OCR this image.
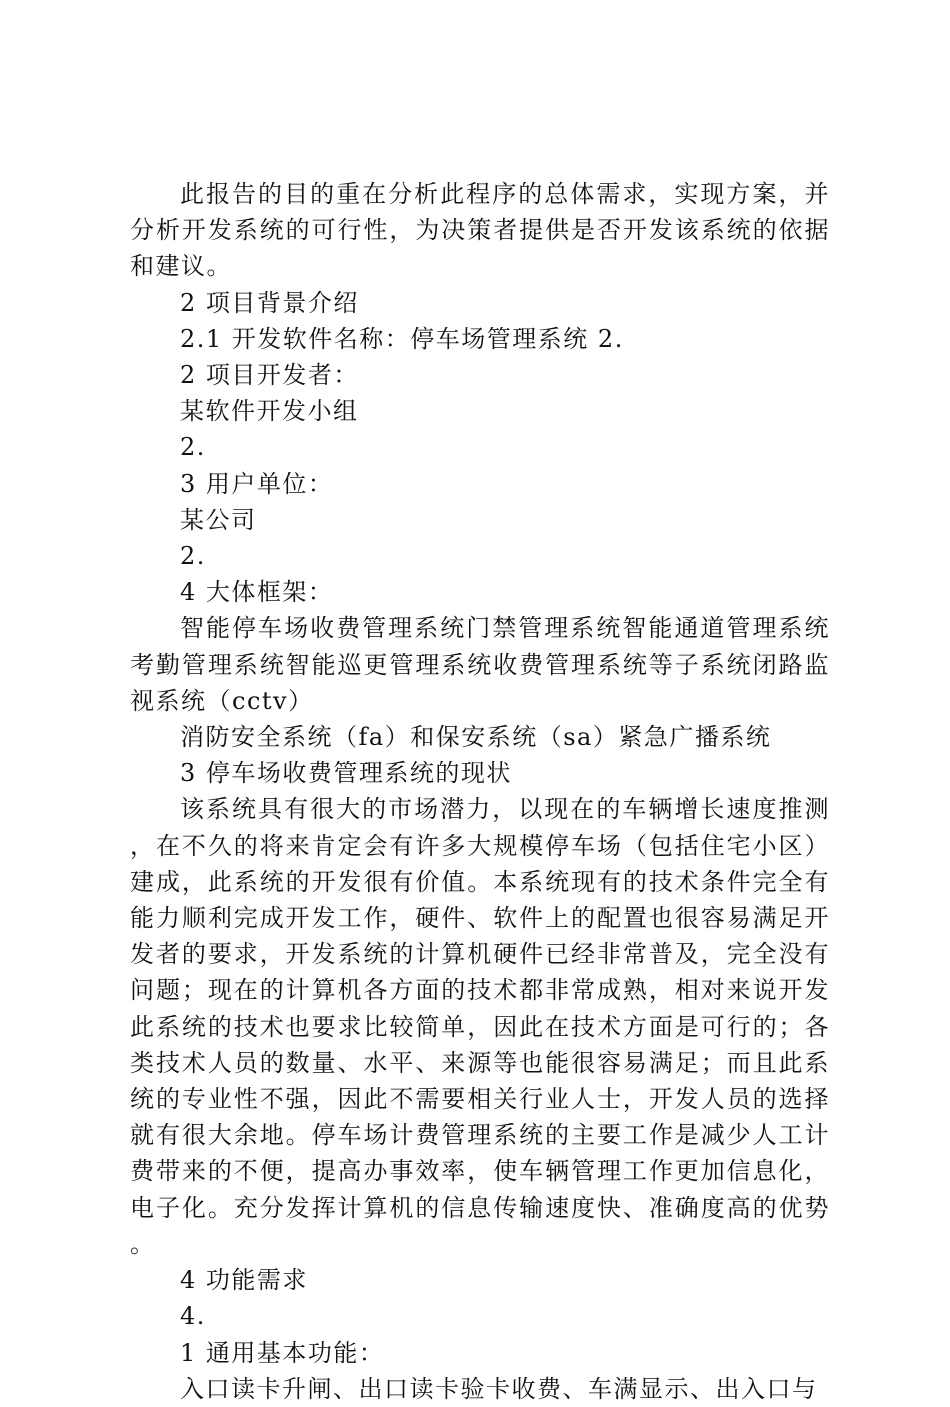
此报告的目的重在分析此程序的总体需求，实现方案，并分析开发系统的可行性，为决策者提供是否开发该系统的依据和建议。

2 项目背景介绍

2.1 开发软件名称：停车场管理系统 2.

2 项目开发者：

某软件开发小组

2.

3 用户单位：

某公司

2.

4 大体框架：

智能停车场收费管理系统门禁管理系统智能通道管理系统考勤管理系统智能巡更管理系统收费管理系统等子系统闭路监视系统（cctv）

消防安全系统（fa）和保安系统（sa）紧急广播系统

3 停车场收费管理系统的现状

该系统具有很大的市场潜力，以现在的车辆增长速度推测，在不久的将来肯定会有许多大规模停车场（包括住宅小区）建成，此系统的开发很有价值。本系统现有的技术条件完全有能力顺利完成开发工作，硬件、软件上的配置也很容易满足开发者的要求，开发系统的计算机硬件已经非常普及，完全没有问题；现在的计算机各方面的技术都非常成熟，相对来说开发此系统的技术也要求比较简单，因此在技术方面是可行的；各类技术人员的数量、水平、来源等也能很容易满足；而且此系统的专业性不强，因此不需要相关行业人士，开发人员的选择就有很大余地。停车场计费管理系统的主要工作是减少人工计费带来的不便，提高办事效率，使车辆管理工作更加信息化，电子化。充分发挥计算机的信息传输速度快、准确度高的优势。

4 功能需求

4.

1 通用基本功能：

入口读卡升闸、出口读卡验卡收费、车满显示、出入口与
